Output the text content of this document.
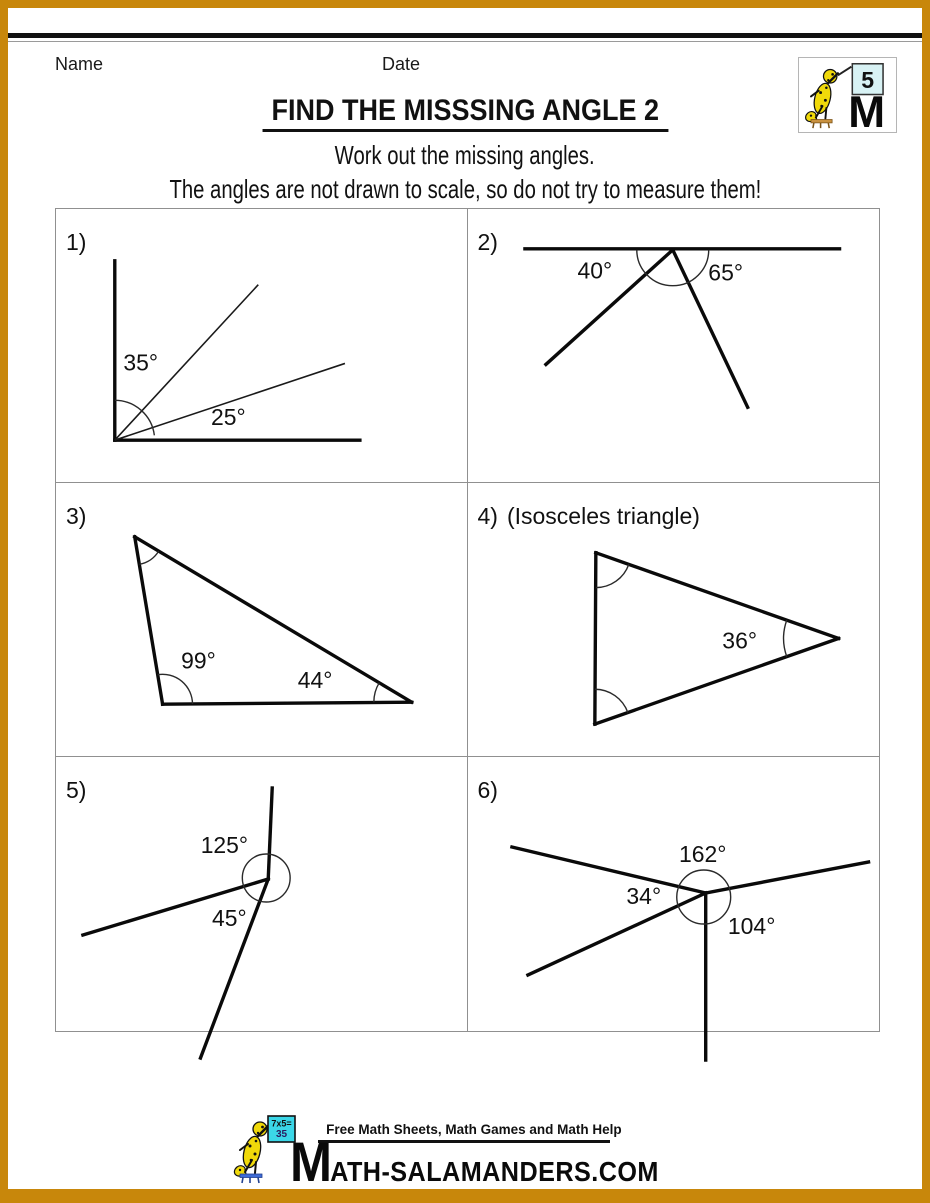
Name	Date
5
M
FIND THE MISSSING ANGLE 2
Work out the missing angles.
The angles are not drawn to scale, so do not try to measure them!
1)
35°
25°
2)
40°	65°
3)
99°
44°
4) (Isosceles triangle)
36°
5)
125°
45°
6)
162°
34°
104°
7x5=
35	Free Math Sheets, Math Games and Math Help
MATH-SALAMANDERS.COM
